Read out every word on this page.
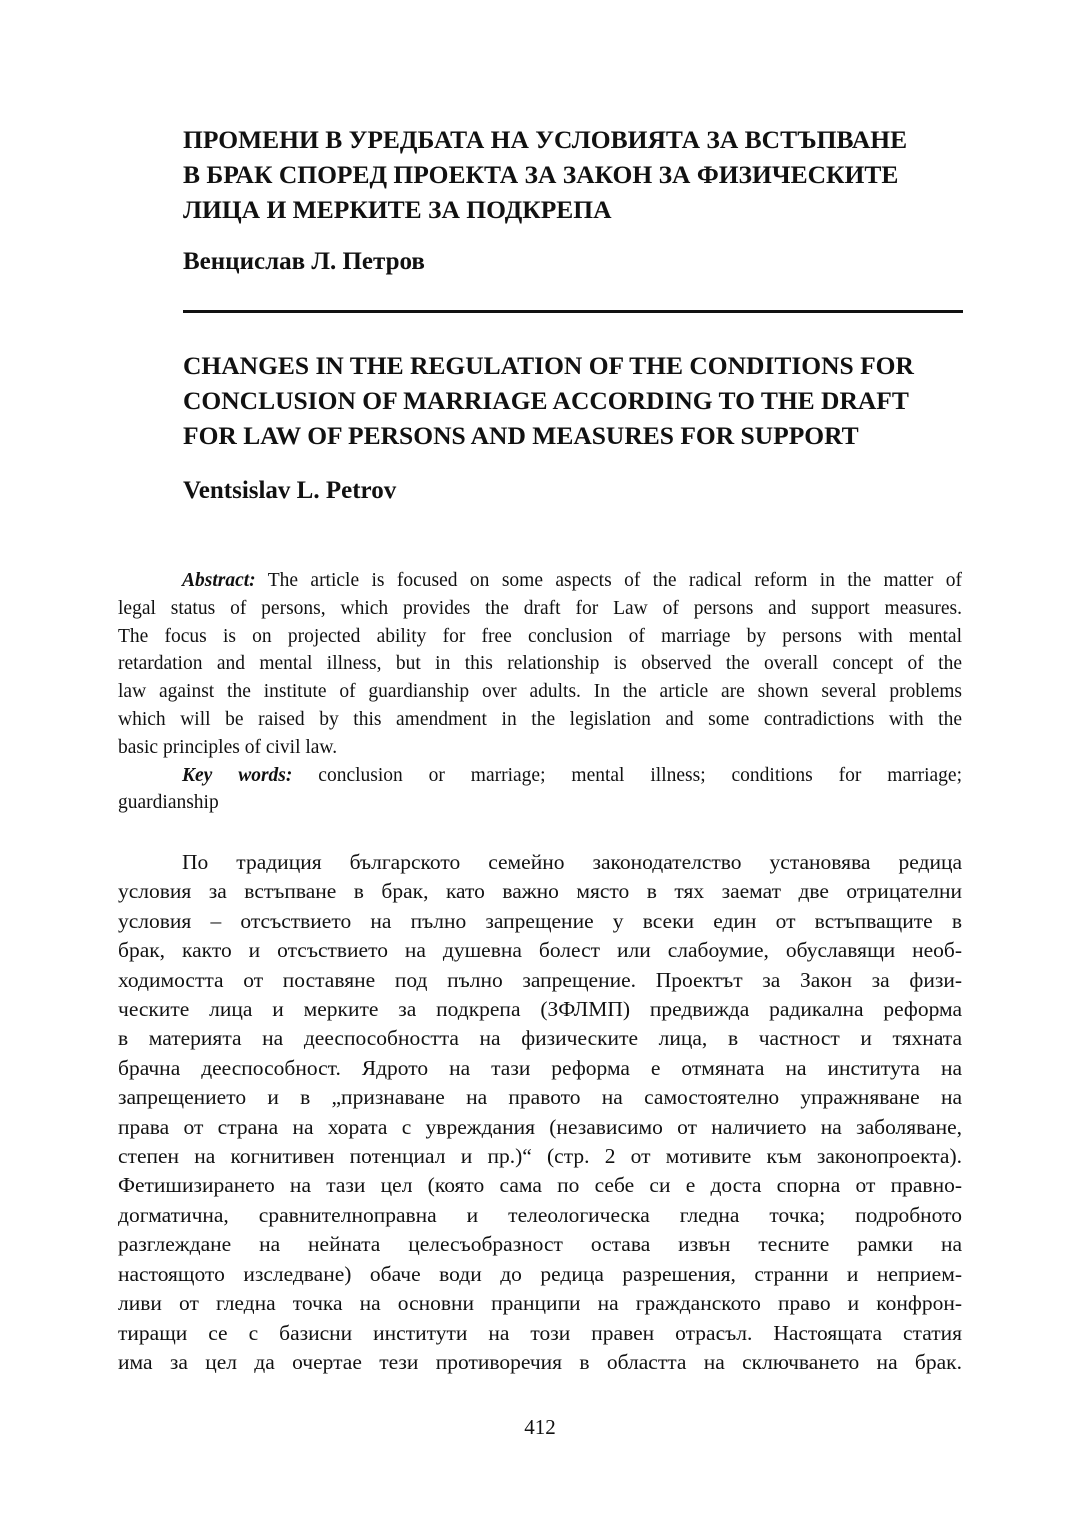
ПРОМЕНИ В УРЕДБАТА НА УСЛОВИЯТА ЗА ВСТЪПВАНЕ
В БРАК СПОРЕД ПРОЕКТА ЗА ЗАКОН ЗА ФИЗИЧЕСКИТЕ
ЛИЦА И МЕРКИТЕ ЗА ПОДКРЕПА

Венцислав Л. Петров

CHANGES IN THE REGULATION OF THE CONDITIONS FOR
CONCLUSION OF MARRIAGE ACCORDING TO THE DRAFT
FOR LAW OF PERSONS AND MEASURES FOR SUPPORT

Ventsislav L. Petrov

Abstract: The article is focused on some aspects of the radical reform in the matter of
legal status of persons, which provides the draft for Law of persons and support measures.
The focus is on projected ability for free conclusion of marriage by persons with mental
retardation and mental illness, but in this relationship is observed the overall concept of the
law against the institute of guardianship over adults. In the article are shown several problems
which will be raised by this amendment in the legislation and some contradictions with the
basic principles of civil law.
Key words: conclusion or marriage; mental illness; conditions for marriage;
guardianship
По традиция българското семейно законодателство установява редица
условия за встъпване в брак, като важно място в тях заемат две отрицателни
условия – отсъствието на пълно запрещение у всеки един от встъпващите в
брак, както и отсъствието на душевна болест или слабоумие, обуславящи необ-
ходимостта от поставяне под пълно запрещение. Проектът за Закон за физи-
ческите лица и мерките за подкрепа (ЗФЛМП) предвижда радикална реформа
в материята на дееспособността на физическите лица, в частност и тяхната
брачна дееспособност. Ядрото на тази реформа е отмяната на института на
запрещението и в „признаване на правото на самостоятелно упражняване на
права от страна на хората с увреждания (независимо от наличието на заболяване,
степен на когнитивен потенциал и пр.)“ (стр. 2 от мотивите към законопроекта).
Фетишизирането на тази цел (която сама по себе си е доста спорна от правно-
догматична, сравнителноправна и телеологическа гледна точка; подробното
разглеждане на нейната целесъобразност остава извън тесните рамки на
настоящото изследване) обаче води до редица разрешения, странни и неприем-
ливи от гледна точка на основни пранципи на гражданското право и конфрон-
тиращи се с базисни институти на този правен отрасъл. Настоящата статия
има за цел да очертае тези противоречия в областта на сключването на брак.
412
